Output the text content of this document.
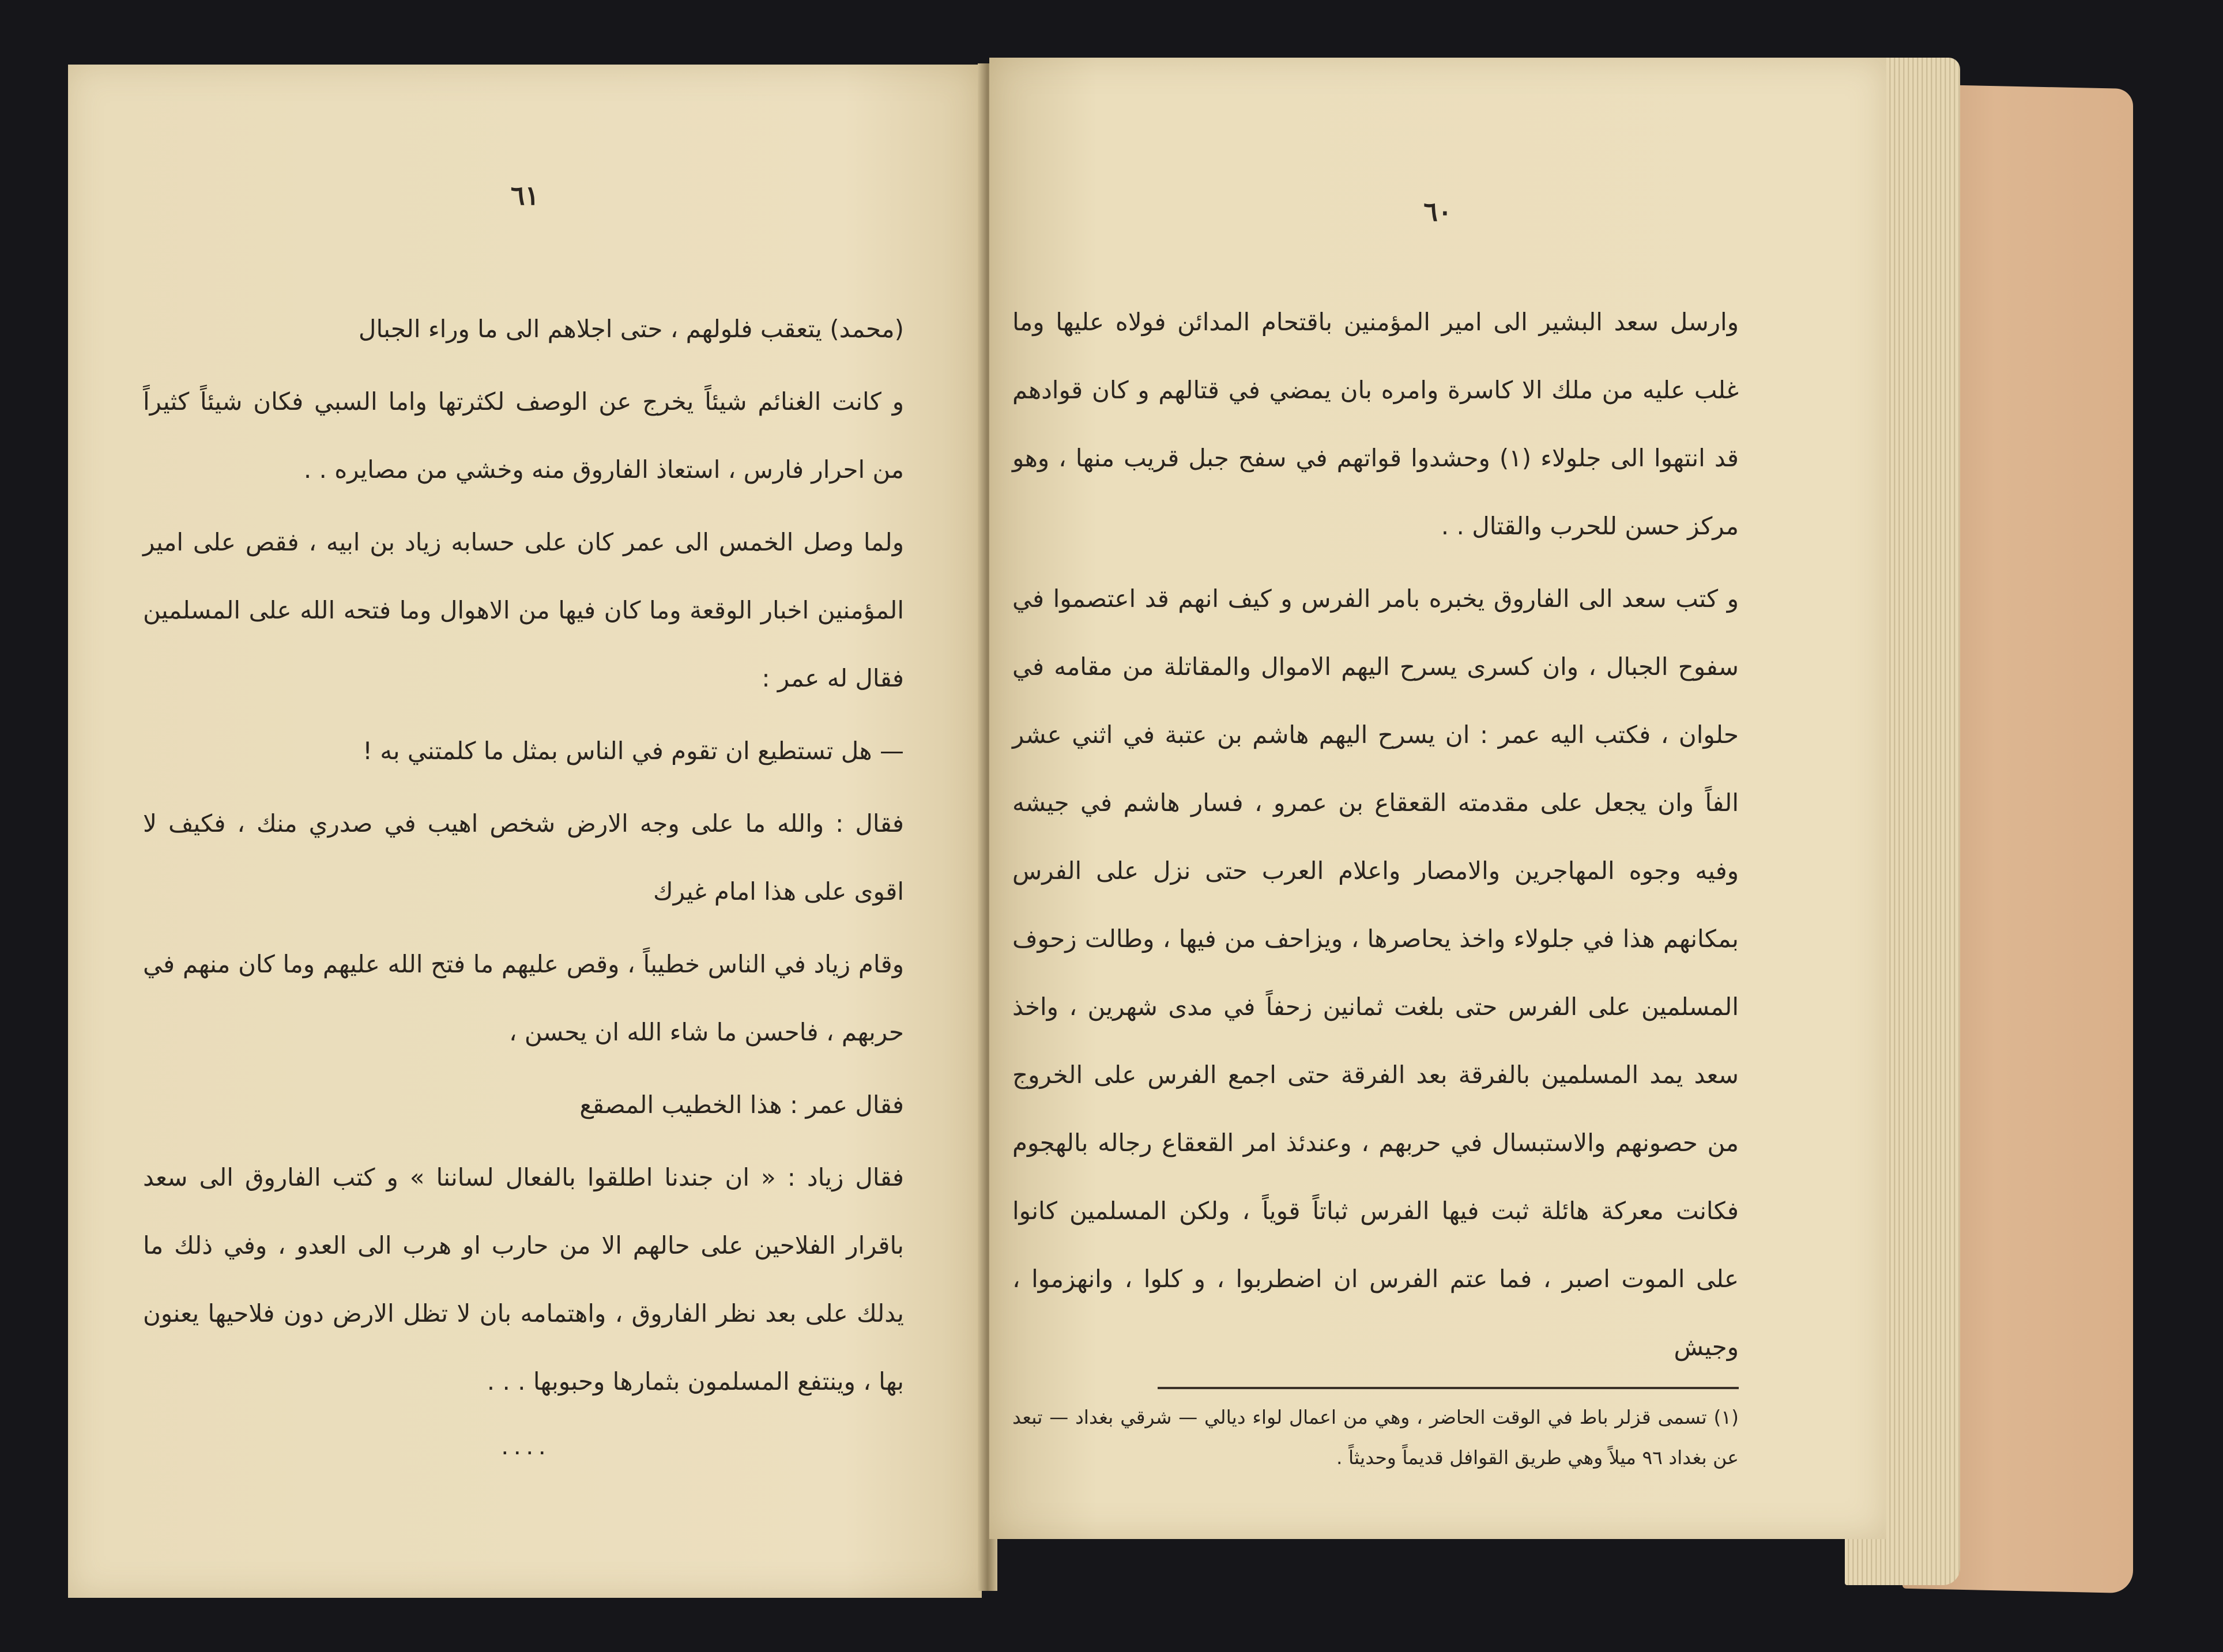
٦١

(محمد) يتعقب فلولهم ، حتى اجلاهم الى ما وراء الجبال

و كانت الغنائم شيئاً يخرج عن الوصف لكثرتها واما السبي فكان شيئاً كثيراً من احرار فارس ، استعاذ الفاروق منه وخشي من مصايره . .

ولما وصل الخمس الى عمر كان على حسابه زياد بن ابيه ، فقص على امير المؤمنين اخبار الوقعة وما كان فيها من الاهوال وما فتحه الله على المسلمين فقال له عمر :

— هل تستطيع ان تقوم في الناس بمثل ما كلمتني به !

فقال : والله ما على وجه الارض شخص اهيب في صدري منك ، فكيف لا اقوى على هذا امام غيرك

وقام زياد في الناس خطيباً ، وقص عليهم ما فتح الله عليهم وما كان منهم في حربهم ، فاحسن ما شاء الله ان يحسن ،

فقال عمر : هذا الخطيب المصقع

فقال زياد : « ان جندنا اطلقوا بالفعال لساننا » و كتب الفاروق الى سعد باقرار الفلاحين على حالهم الا من حارب او هرب الى العدو ، وفي ذلك ما يدلك على بعد نظر الفاروق ، واهتمامه بان لا تظل الارض دون فلاحيها يعنون بها ، وينتفع المسلمون بثمارها وحبوبها . . .

٠٠٠٠
٦٠

وارسل سعد البشير الى امير المؤمنين باقتحام المدائن فولاه عليها وما غلب عليه من ملك الا كاسرة وامره بان يمضي في قتالهم و كان قوادهم قد انتهوا الى جلولاء (١) وحشدوا قواتهم في سفح جبل قريب منها ، وهو مركز حسن للحرب والقتال . .

و كتب سعد الى الفاروق يخبره بامر الفرس و كيف انهم قد اعتصموا في سفوح الجبال ، وان كسرى يسرح اليهم الاموال والمقاتلة من مقامه في حلوان ، فكتب اليه عمر : ان يسرح اليهم هاشم بن عتبة في اثني عشر الفاً وان يجعل على مقدمته القعقاع بن عمرو ، فسار هاشم في جيشه وفيه وجوه المهاجرين والامصار واعلام العرب حتى نزل على الفرس بمكانهم هذا في جلولاء واخذ يحاصرها ، ويزاحف من فيها ، وطالت زحوف المسلمين على الفرس حتى بلغت ثمانين زحفاً في مدى شهرين ، واخذ سعد يمد المسلمين بالفرقة بعد الفرقة حتى اجمع الفرس على الخروج من حصونهم والاستبسال في حربهم ، وعندئذ امر القعقاع رجاله بالهجوم فكانت معركة هائلة ثبت فيها الفرس ثباتاً قوياً ، ولكن المسلمين كانوا على الموت اصبر ، فما عتم الفرس ان اضطربوا ، و كلوا ، وانهزموا ، وجيش

(١) تسمى قزلر باط في الوقت الحاضر ، وهي من اعمال لواء ديالي — شرقي بغداد — تبعد عن بغداد ٩٦ ميلاً وهي طريق القوافل قديماً وحديثاً .
